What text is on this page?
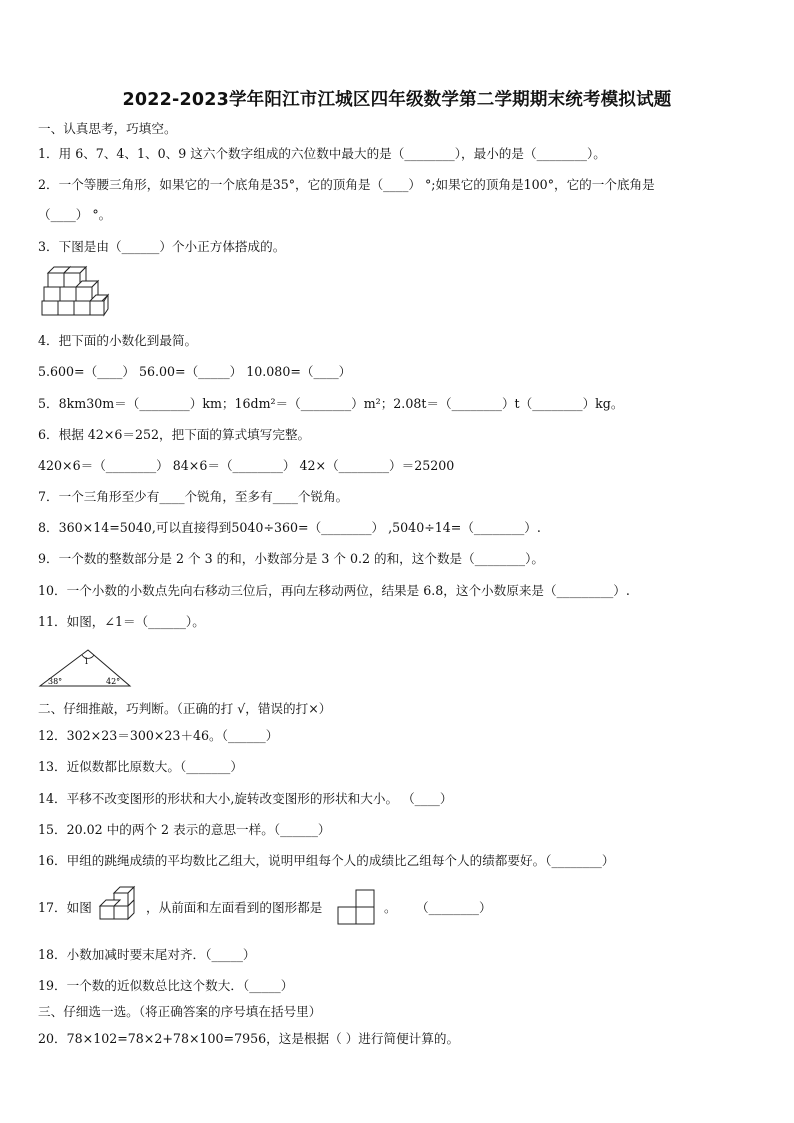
2022-2023学年阳江市江城区四年级数学第二学期期末统考模拟试题
一、认真思考，巧填空。
1．用 6、7、4、1、0、9 这六个数字组成的六位数中最大的是（________），最小的是（________）。
2．一个等腰三角形，如果它的一个底角是35°，它的顶角是（____） °;如果它的顶角是100°，它的一个底角是
（____） °。
3．下图是由（______）个小正方体搭成的。
4．把下面的小数化到最简。
5.600=（____） 56.00=（_____） 10.080=（____）
5．8km30m＝（________）km；16dm²＝（________）m²；2.08t＝（________）t（________）kg。
6．根据 42×6＝252，把下面的算式填写完整。
420×6＝（________） 84×6＝（________） 42×（________）＝25200
7．一个三角形至少有____个锐角，至多有____个锐角。
8．360×14=5040,可以直接得到5040÷360=（________） ,5040÷14=（________）.
9．一个数的整数部分是 2 个 3 的和，小数部分是 3 个 0.2 的和，这个数是（________）。
10．一个小数的小数点先向右移动三位后，再向左移动两位，结果是 6.8，这个小数原来是（_________）.
11．如图，∠1＝（______）。
1
38°	42°
二、仔细推敲，巧判断。（正确的打 √，错误的打×）
12．302×23＝300×23＋46。（______）
13．近似数都比原数大。（_______）
14．平移不改变图形的形状和大小,旋转改变图形的形状和大小。 （____）
15．20.02 中的两个 2 表示的意思一样。（______）
16．甲组的跳绳成绩的平均数比乙组大，说明甲组每个人的成绩比乙组每个人的绩都要好。（________）
17．如图	，从前面和左面看到的图形都是	。 （________）
18．小数加减时要末尾对齐．（_____）
19．一个数的近似数总比这个数大．（_____）
三、仔细选一选。（将正确答案的序号填在括号里）
20．78×102=78×2+78×100=7956，这是根据（ ）进行简便计算的。
